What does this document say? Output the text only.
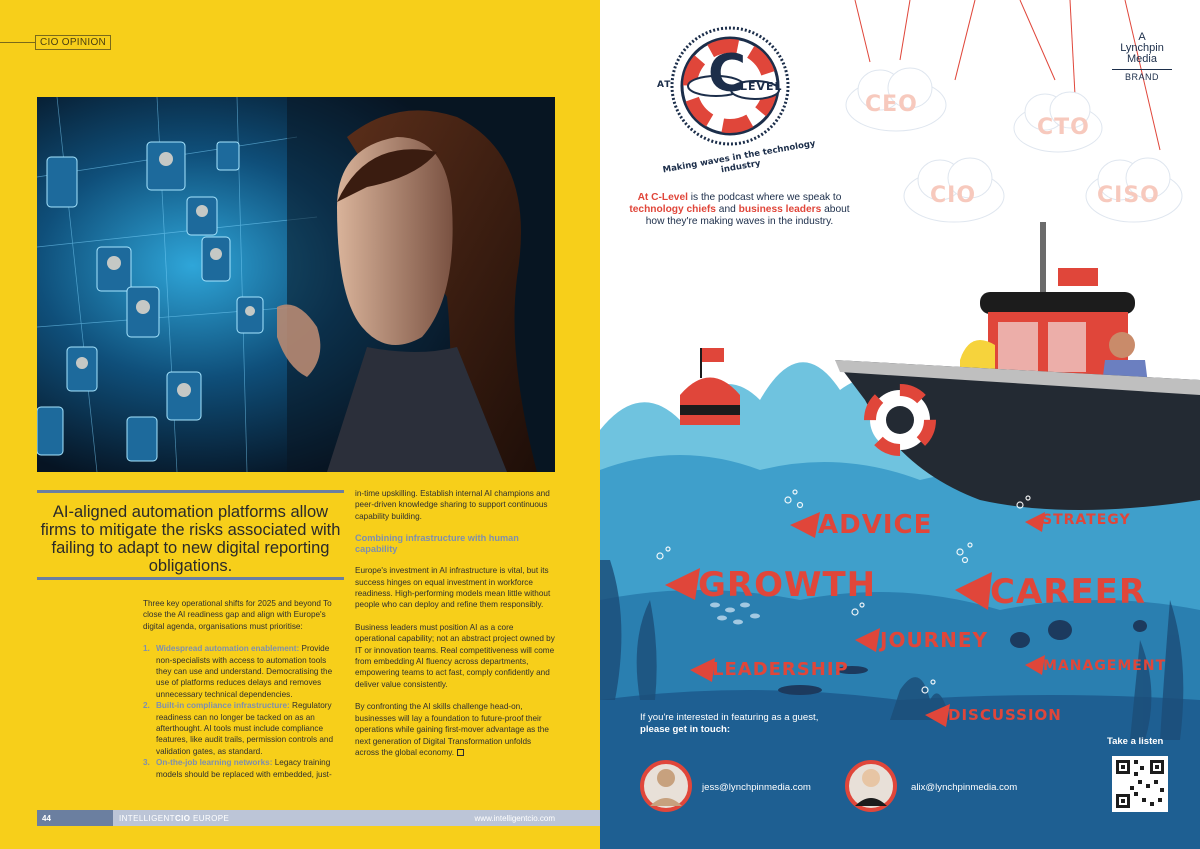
CIO OPINION
AI-aligned automation platforms allow firms to mitigate the risks associated with failing to adapt to new digital reporting obligations.

Three key operational shifts for 2025 and beyond To close the AI readiness gap and align with Europe's digital agenda, organisations must prioritise:

1. Widespread automation enablement: Provide non-specialists with access to automation tools they can use and understand. Democratising the use of platforms reduces delays and removes unnecessary technical dependencies.
2. Built-in compliance infrastructure: Regulatory readiness can no longer be tacked on as an afterthought. AI tools must include compliance features, like audit trails, permission controls and validation gates, as standard.
3. On-the-job learning networks: Legacy training models should be replaced with embedded, just-

in-time upskilling. Establish internal AI champions and peer-driven knowledge sharing to support continuous capability building.

Combining infrastructure with human capability

Europe's investment in AI infrastructure is vital, but its success hinges on equal investment in workforce readiness. High-performing models mean little without people who can deploy and refine them responsibly.

Business leaders must position AI as a core operational capability; not an abstract project owned by IT or innovation teams. Real competitiveness will come from embedding AI fluency across departments, empowering teams to act fast, comply confidently and deliver value consistently.

By confronting the AI skills challenge head-on, businesses will lay a foundation to future-proof their operations while gaining first-mover advantage as the next generation of Digital Transformation unfolds across the global economy.

44	INTELLIGENTCIO EUROPE	www.intelligentcio.com
A
Lynchpin
Media
BRAND
AT C
LEVEL
Making waves in the technology industry
At C-Level is the podcast where we speak to technology chiefs and business leaders about how they're making waves in the industry.
CEO
CTO
CIO	CISO
ADVICE	STRATEGY
GROWTH	CAREER
JOURNEY
LEADERSHIP	MANAGEMENT
DISCUSSION
If you're interested in featuring as a guest, please get in touch:
jess@lynchpinmedia.com	alix@lynchpinmedia.com
Take a listen
